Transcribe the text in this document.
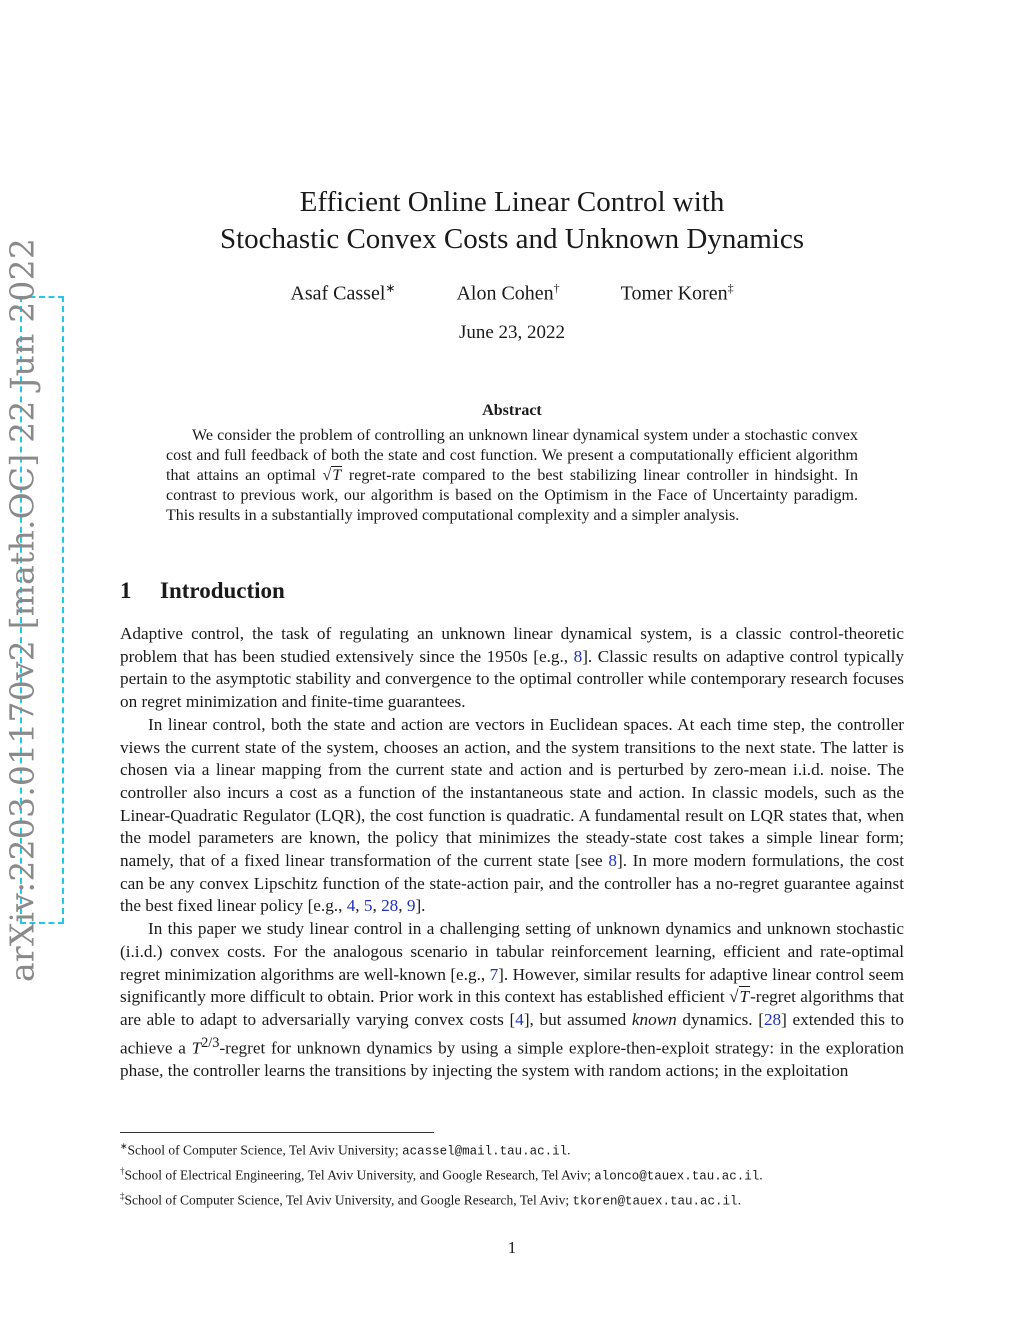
arXiv:2203.01170v2 [math.OC] 22 Jun 2022
Efficient Online Linear Control with
Stochastic Convex Costs and Unknown Dynamics
Asaf Cassel∗	Alon Cohen†	Tomer Koren‡
June 23, 2022
Abstract

We consider the problem of controlling an unknown linear dynamical system under a stochastic convex cost and full feedback of both the state and cost function. We present a computationally efficient algorithm that attains an optimal √T regret-rate compared to the best stabilizing linear controller in hindsight. In contrast to previous work, our algorithm is based on the Optimism in the Face of Uncertainty paradigm. This results in a substantially improved computational complexity and a simpler analysis.

1 Introduction

Adaptive control, the task of regulating an unknown linear dynamical system, is a classic control-theoretic problem that has been studied extensively since the 1950s [e.g., 8]. Classic results on adaptive control typically pertain to the asymptotic stability and convergence to the optimal controller while contemporary research focuses on regret minimization and finite-time guarantees.

In linear control, both the state and action are vectors in Euclidean spaces. At each time step, the controller views the current state of the system, chooses an action, and the system transitions to the next state. The latter is chosen via a linear mapping from the current state and action and is perturbed by zero-mean i.i.d. noise. The controller also incurs a cost as a function of the instantaneous state and action. In classic models, such as the Linear-Quadratic Regulator (LQR), the cost function is quadratic. A fundamental result on LQR states that, when the model parameters are known, the policy that minimizes the steady-state cost takes a simple linear form; namely, that of a fixed linear transformation of the current state [see 8]. In more modern formulations, the cost can be any convex Lipschitz function of the state-action pair, and the controller has a no-regret guarantee against the best fixed linear policy [e.g., 4, 5, 28, 9].

In this paper we study linear control in a challenging setting of unknown dynamics and unknown stochastic (i.i.d.) convex costs. For the analogous scenario in tabular reinforcement learning, efficient and rate-optimal regret minimization algorithms are well-known [e.g., 7]. However, similar results for adaptive linear control seem significantly more difficult to obtain. Prior work in this context has established efficient √T-regret algorithms that are able to adapt to adversarially varying convex costs [4], but assumed known dynamics. [28] extended this to achieve a $T^{2/3}$-regret for unknown dynamics by using a simple explore-then-exploit strategy: in the exploration phase, the controller learns the transitions by injecting the system with random actions; in the exploitation

∗School of Computer Science, Tel Aviv University; acassel@mail.tau.ac.il.
†School of Electrical Engineering, Tel Aviv University, and Google Research, Tel Aviv; alonco@tauex.tau.ac.il.
‡School of Computer Science, Tel Aviv University, and Google Research, Tel Aviv; tkoren@tauex.tau.ac.il.
1
